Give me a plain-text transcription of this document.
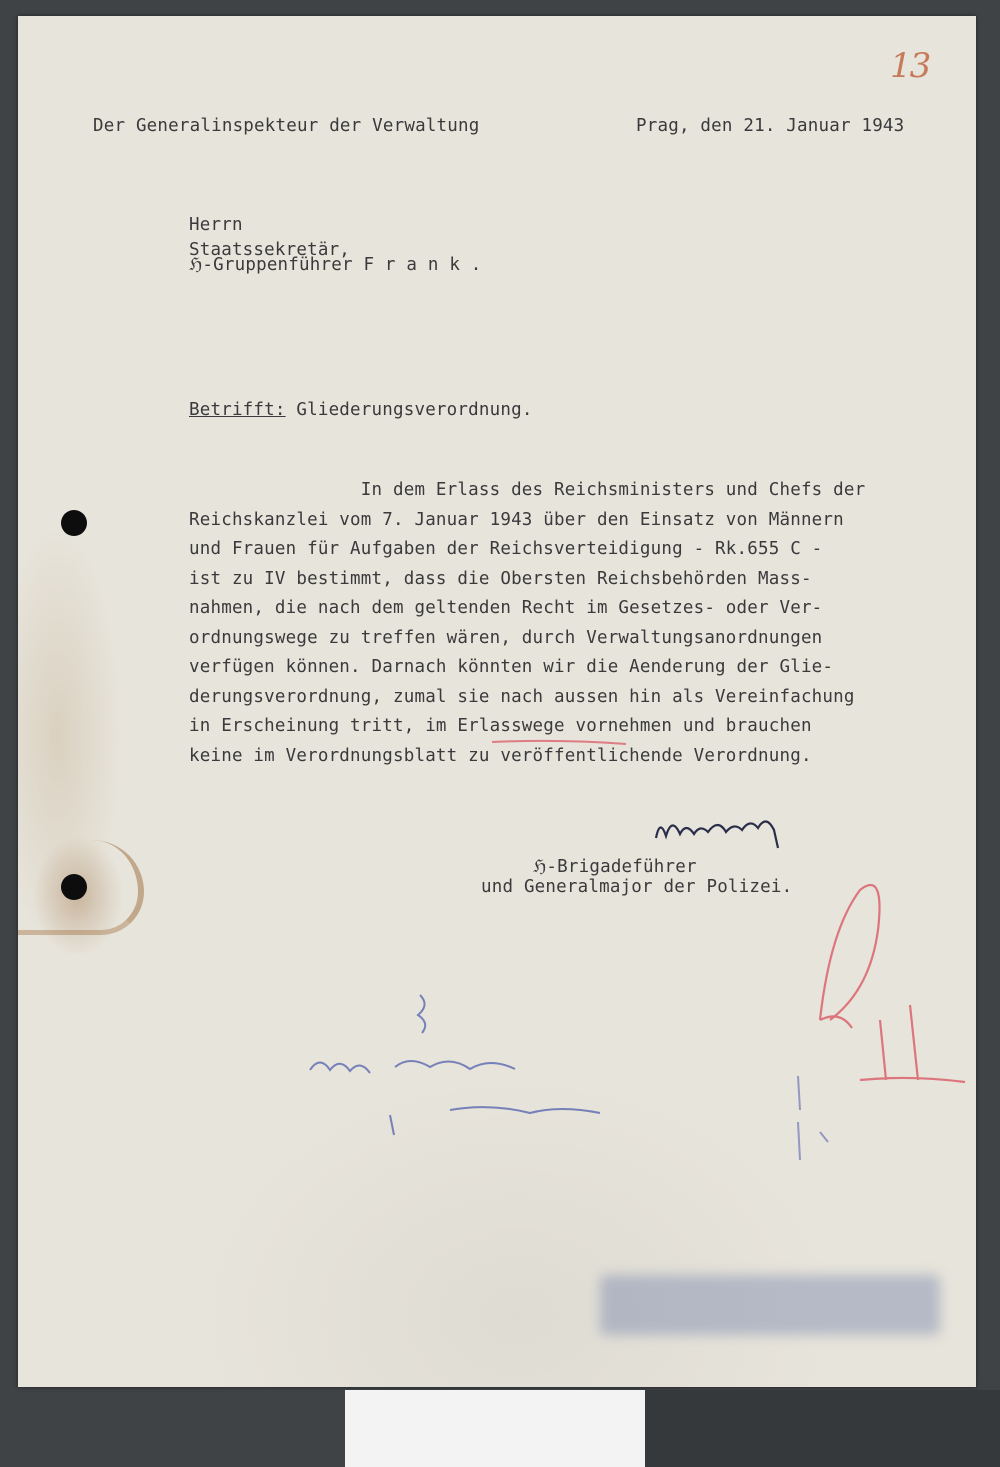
13
Der Generalinspekteur der Verwaltung	Prag, den 21. Januar 1943
Herrn
Staatssekretär,
ℌ-Gruppenführer F r a n k .
Betrifft: Gliederungsverordnung.
In dem Erlass des Reichsministers und Chefs der
Reichskanzlei vom 7. Januar 1943 über den Einsatz von Männern
und Frauen für Aufgaben der Reichsverteidigung - Rk.655 C -
ist zu IV bestimmt, dass die Obersten Reichsbehörden Mass-
nahmen, die nach dem geltenden Recht im Gesetzes- oder Ver-
ordnungswege zu treffen wären, durch Verwaltungsanordnungen
verfügen können. Darnach könnten wir die Aenderung der Glie-
derungsverordnung, zumal sie nach aussen hin als Vereinfachung
in Erscheinung tritt, im Erlasswege vornehmen und brauchen
keine im Verordnungsblatt zu veröffentlichende Verordnung.
ℌ-Brigadeführer
und Generalmajor der Polizei.
